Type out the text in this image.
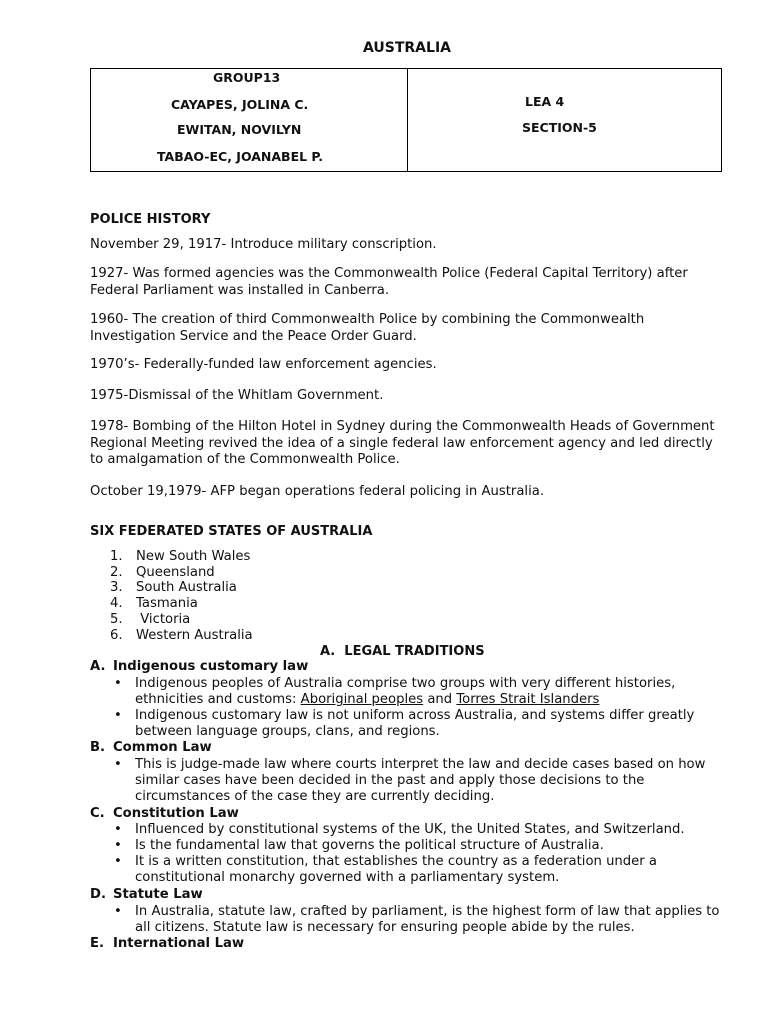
AUSTRALIA
GROUP13
CAYAPES, JOLINA C.
EWITAN, NOVILYN
TABAO-EC, JOANABEL P.
LEA 4
SECTION-5
POLICE HISTORY
November 29, 1917- Introduce military conscription.
1927- Was formed agencies was the Commonwealth Police (Federal Capital Territory) after Federal Parliament was installed in Canberra.
1960- The creation of third Commonwealth Police by combining the Commonwealth Investigation Service and the Peace Order Guard.
1970’s- Federally-funded law enforcement agencies.
1975-Dismissal of the Whitlam Government.
1978- Bombing of the Hilton Hotel in Sydney during the Commonwealth Heads of Government Regional Meeting revived the idea of a single federal law enforcement agency and led directly to amalgamation of the Commonwealth Police.
October 19,1979- AFP began operations federal policing in Australia.
SIX FEDERATED STATES OF AUSTRALIA
1. New South Wales
2. Queensland
3. South Australia
4. Tasmania
5. Victoria
6. Western Australia
A.  LEGAL TRADITIONS
A. Indigenous customary law
•	Indigenous peoples of Australia comprise two groups with very different histories, ethnicities and customs: Aboriginal peoples and Torres Strait Islanders
•	Indigenous customary law is not uniform across Australia, and systems differ greatly between language groups, clans, and regions.
B. Common Law
•	This is judge-made law where courts interpret the law and decide cases based on how similar cases have been decided in the past and apply those decisions to the circumstances of the case they are currently deciding.
C. Constitution Law
•	Influenced by constitutional systems of the UK, the United States, and Switzerland.
•	Is the fundamental law that governs the political structure of Australia.
•	It is a written constitution, that establishes the country as a federation under a constitutional monarchy governed with a parliamentary system.
D. Statute Law
•	In Australia, statute law, crafted by parliament, is the highest form of law that applies to all citizens. Statute law is necessary for ensuring people abide by the rules.
E. International Law
